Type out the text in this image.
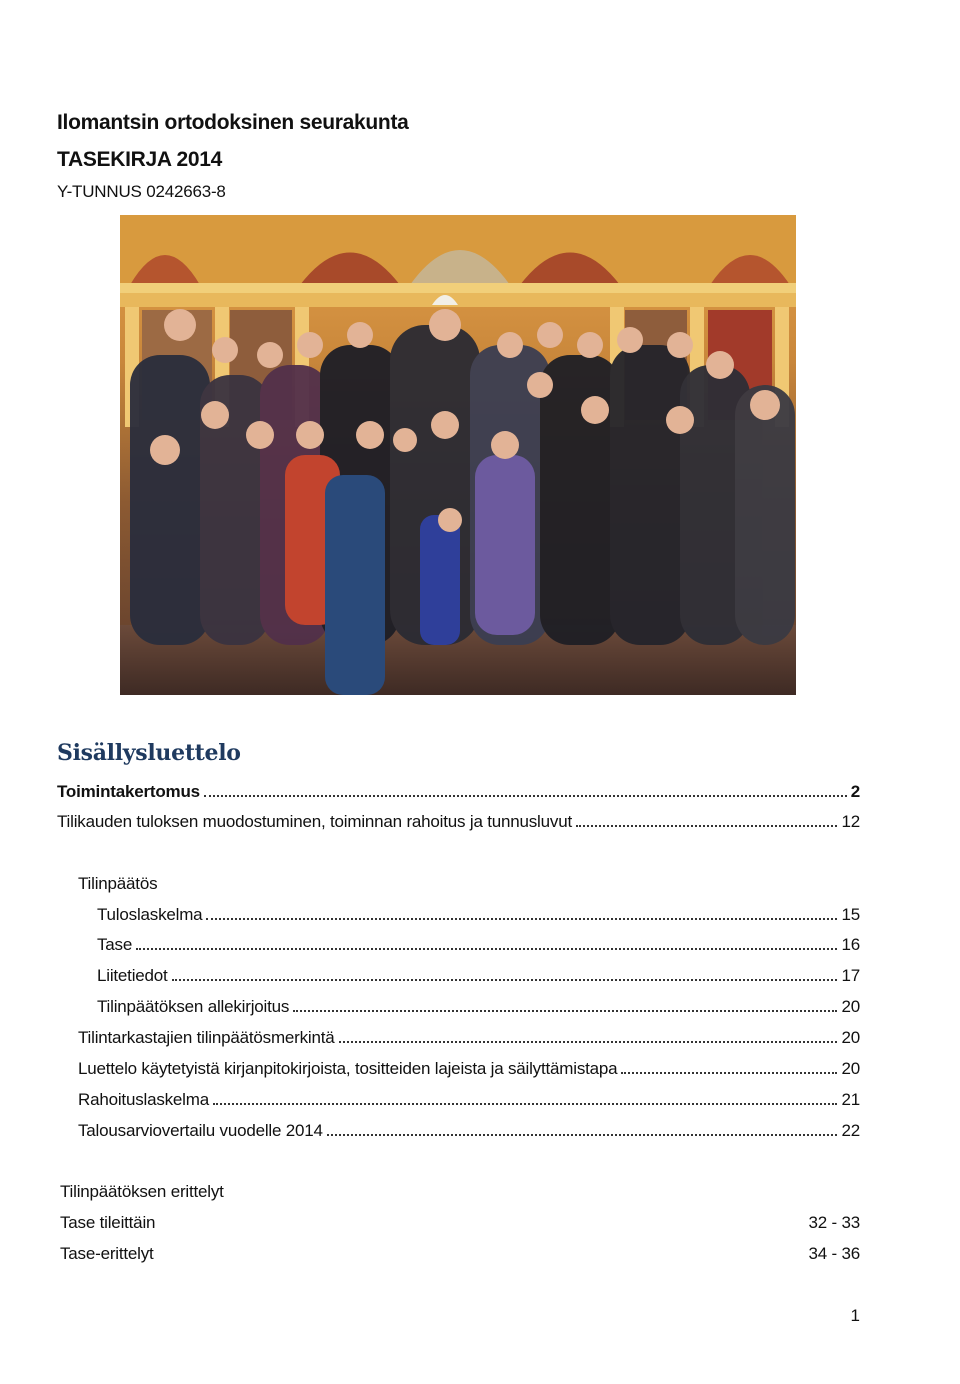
Ilomantsin ortodoksinen seurakunta
TASEKIRJA 2014
Y-TUNNUS 0242663-8
Sisällysluettelo
Toimintakertomus	2
Tilikauden tuloksen muodostuminen, toiminnan rahoitus ja tunnusluvut	12
Tilinpäätös
Tuloslaskelma	15
Tase	16
Liitetiedot	17
Tilinpäätöksen allekirjoitus	20
Tilintarkastajien tilinpäätösmerkintä	20
Luettelo käytetyistä kirjanpitokirjoista, tositteiden lajeista ja säilyttämistapa	20
Rahoituslaskelma	21
Talousarviovertailu vuodelle 2014	22
Tilinpäätöksen erittelyt
Tase tileittäin	32 - 33
Tase-erittelyt	34 - 36
1
